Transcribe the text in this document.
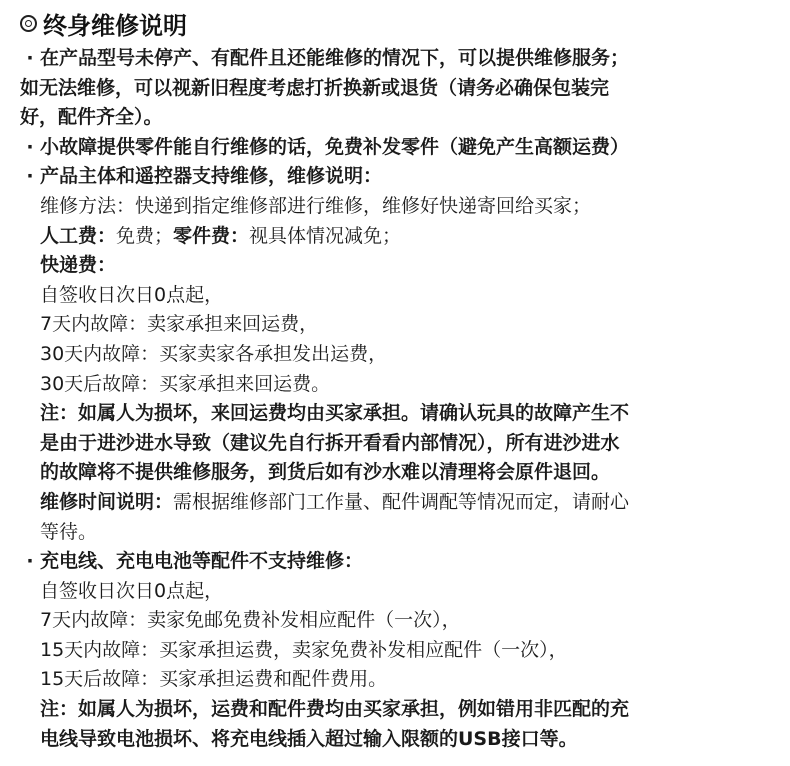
终身维修说明
· 在产品型号未停产、有配件且还能维修的情况下，可以提供维修服务；
如无法维修，可以视新旧程度考虑打折换新或退货（请务必确保包装完
好，配件齐全）。
· 小故障提供零件能自行维修的话，免费补发零件（避免产生高额运费）
· 产品主体和遥控器支持维修，维修说明：
维修方法：快递到指定维修部进行维修，维修好快递寄回给买家；
人工费：免费；零件费：视具体情况减免；
快递费：
自签收日次日0点起，
7天内故障：卖家承担来回运费，
30天内故障：买家卖家各承担发出运费，
30天后故障：买家承担来回运费。
注：如属人为损坏，来回运费均由买家承担。请确认玩具的故障产生不
是由于进沙进水导致（建议先自行拆开看看内部情况），所有进沙进水
的故障将不提供维修服务，到货后如有沙水难以清理将会原件退回。
维修时间说明：需根据维修部门工作量、配件调配等情况而定，请耐心
等待。
· 充电线、充电电池等配件不支持维修：
自签收日次日0点起，
7天内故障：卖家免邮免费补发相应配件（一次），
15天内故障：买家承担运费，卖家免费补发相应配件（一次），
15天后故障：买家承担运费和配件费用。
注：如属人为损坏，运费和配件费均由买家承担，例如错用非匹配的充
电线导致电池损坏、将充电线插入超过输入限额的USB接口等。
